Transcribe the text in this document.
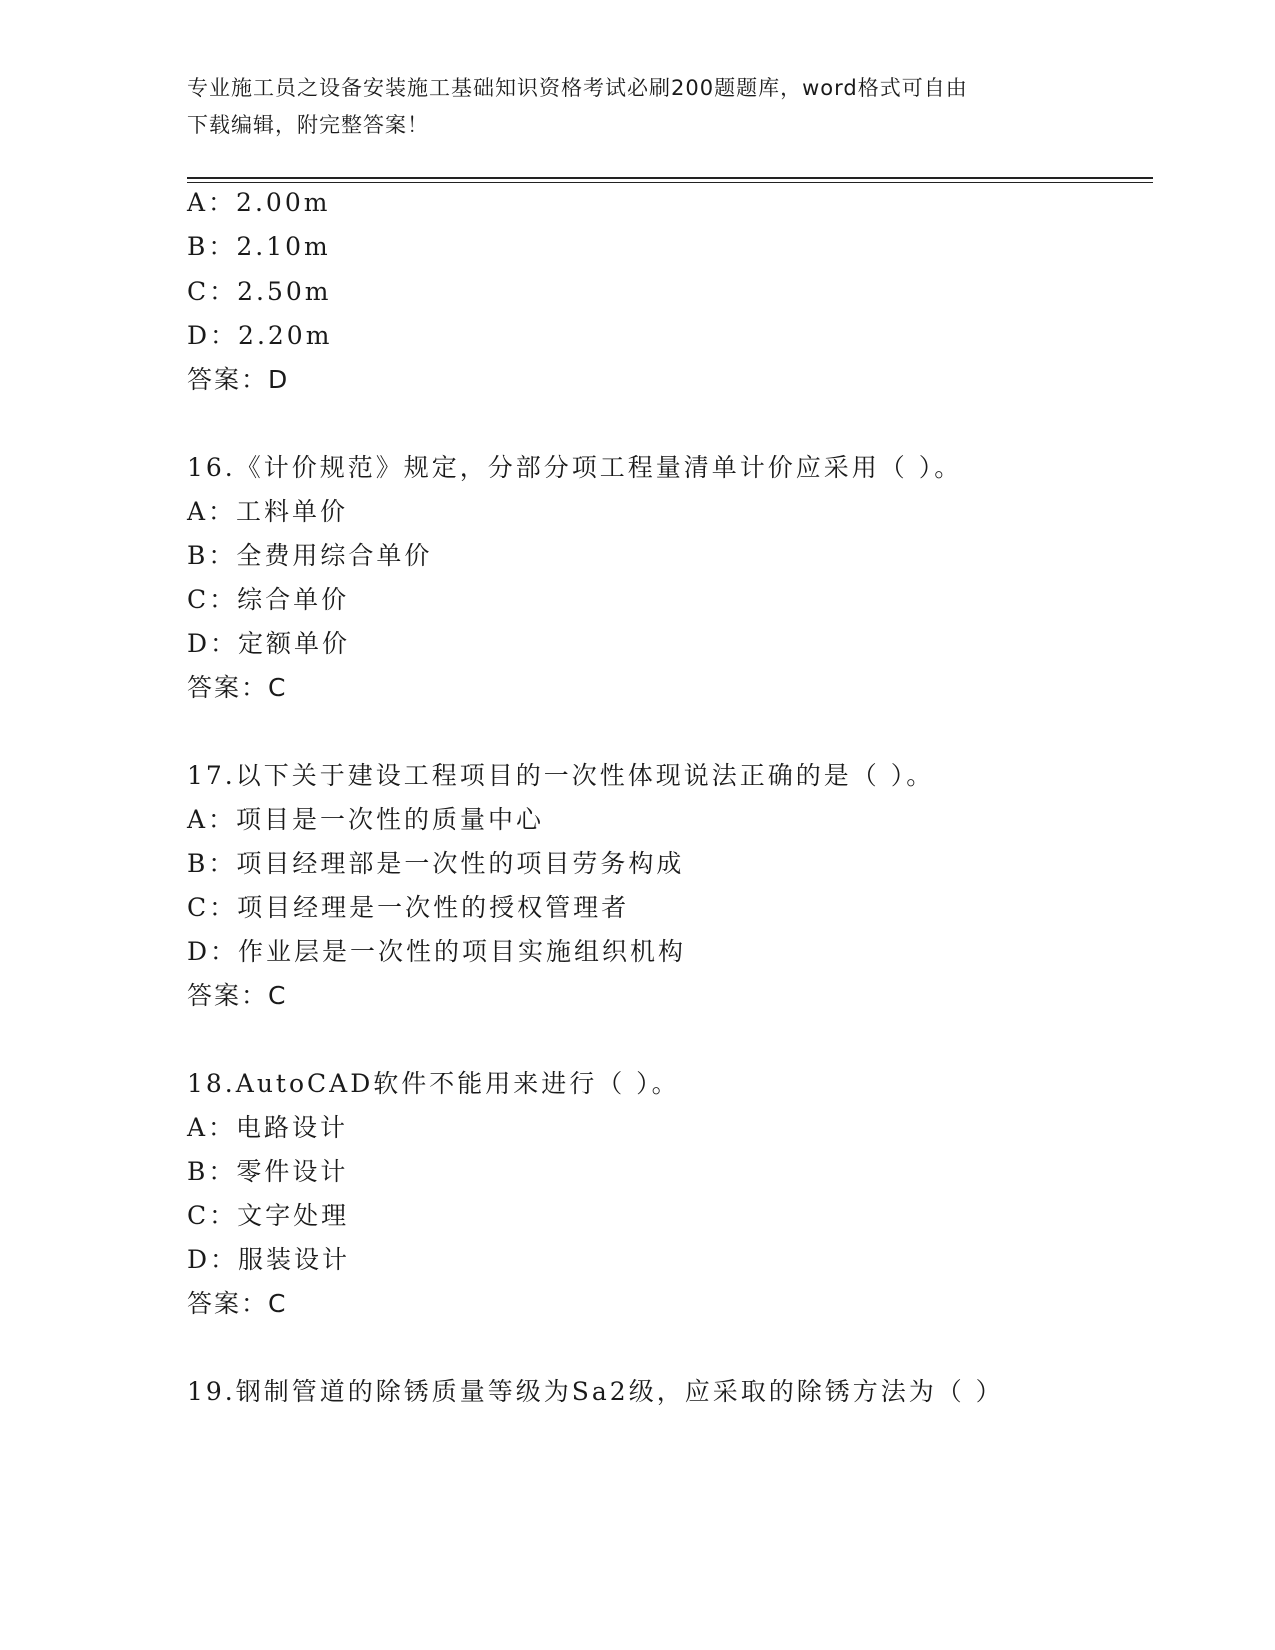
专业施工员之设备安装施工基础知识资格考试必刷200题题库，word格式可自由
下载编辑，附完整答案！
A：2.00m
B：2.10m
C：2.50m
D：2.20m
答案：D
16.《计价规范》规定，分部分项工程量清单计价应采用（ ）。
A：工料单价
B：全费用综合单价
C：综合单价
D：定额单价
答案：C
17.以下关于建设工程项目的一次性体现说法正确的是（ ）。
A：项目是一次性的质量中心
B：项目经理部是一次性的项目劳务构成
C：项目经理是一次性的授权管理者
D：作业层是一次性的项目实施组织机构
答案：C
18.AutoCAD软件不能用来进行（ ）。
A：电路设计
B：零件设计
C：文字处理
D：服装设计
答案：C
19.钢制管道的除锈质量等级为Sa2级，应采取的除锈方法为（ ）
